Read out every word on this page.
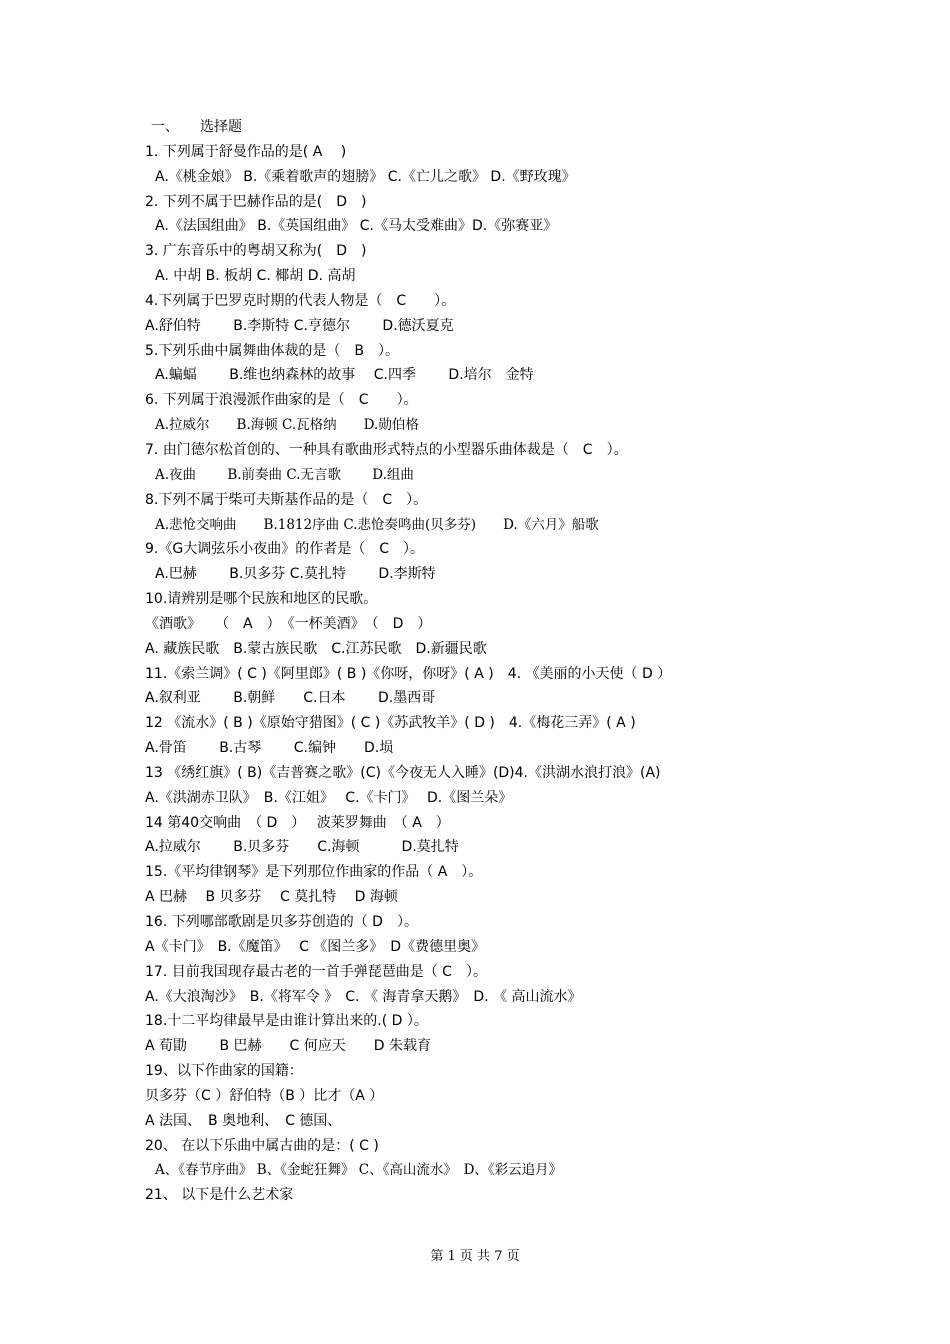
一、　　选择题
1. 下列属于舒曼作品的是( A　 )
A.《桃金娘》 B.《乘着歌声的翅膀》 C.《亡儿之歌》 D.《野玫瑰》
2. 下列不属于巴赫作品的是(　D　)
A.《法国组曲》 B.《英国组曲》 C.《马太受难曲》D.《弥赛亚》
3. 广东音乐中的粤胡又称为(　D　)
A. 中胡 B. 板胡 C. 椰胡 D. 高胡
4.下列属于巴罗克时期的代表人物是（　C　　）。
A.舒伯特　　 B.李斯特 C.亨德尔　　 D.德沃夏克
5.下列乐曲中属舞曲体裁的是（　B　）。
A.蝙蝠　　 B.维也纳森林的故事　 C.四季　　 D.培尔　金特
6. 下列属于浪漫派作曲家的是（　C　　）。
A.拉威尔　　B.海顿 C.瓦格纳　　D.勋伯格
7. 由门德尔松首创的、一种具有歌曲形式特点的小型器乐曲体裁是（　C　）。
A.夜曲　　 B.前奏曲 C.无言歌　　 D.组曲
8.下列不属于柴可夫斯基作品的是（　C　）。
A.悲怆交响曲　　B.1812序曲 C.悲怆奏鸣曲(贝多芬)　　D.《六月》船歌
9.《G大调弦乐小夜曲》的作者是（　C　）。
A.巴赫　　 B.贝多芬 C.莫扎特　　 D.李斯特
10.请辨别是哪个民族和地区的民歌。
《酒歌》　　（　A　）　《一杯美酒》　（　D　）
A. 藏族民歌　B.蒙古族民歌　C.江苏民歌　D.新疆民歌
11.《索兰调》( C )《阿里郎》( B )《你呀，你呀》( A )　4. 《美丽的小天使（ D ）
A.叙利亚　　 B.朝鲜　　C.日本　　 D.墨西哥
12 《流水》( B )《原始守猎图》( C )《苏武牧羊》( D )　4.《梅花三弄》( A )
A.骨笛　　 B.古琴　　 C.编钟　　D.埙
13 《绣红旗》( B)《吉普赛之歌》(C)《今夜无人入睡》(D)4.《洪湖水浪打浪》(A)
A.《洪湖赤卫队》　B.《江姐》　 C.《卡门》　 D.《图兰朵》
14 第40交响曲　（ D　）　 波莱罗舞曲　（ A　）
A.拉威尔　　 B.贝多芬　　C.海顿　　　D.莫扎特
15.《平均律钢琴》是下列那位作曲家的作品（ A　）。
A 巴赫　 B 贝多芬　 C 莫扎特　 D 海顿
16. 下列哪部歌剧是贝多芬创造的（ D　）。
A《卡门》　B.《魔笛》　 C 《图兰多》　D《费德里奥》
17. 目前我国现存最古老的一首手弹琵琶曲是（ C　）。
A.《大浪淘沙》　B.《将军令 》　C. 《 海青拿天鹅》　D. 《 高山流水》
18.十二平均律最早是由谁计算出来的.( D ）。
A 荀勖　　 B 巴赫　　C 何应天　　D 朱载育
19、以下作曲家的国籍：
贝多芬（C ）舒伯特（B ）比才（A ）
A 法国、　B 奥地利、　C 德国、
20、 在以下乐曲中属古曲的是：( C )
A、《春节序曲》 B、《金蛇狂舞》 C、《高山流水》　D、《彩云追月》
21、 以下是什么艺术家
第 1 页 共 7 页
